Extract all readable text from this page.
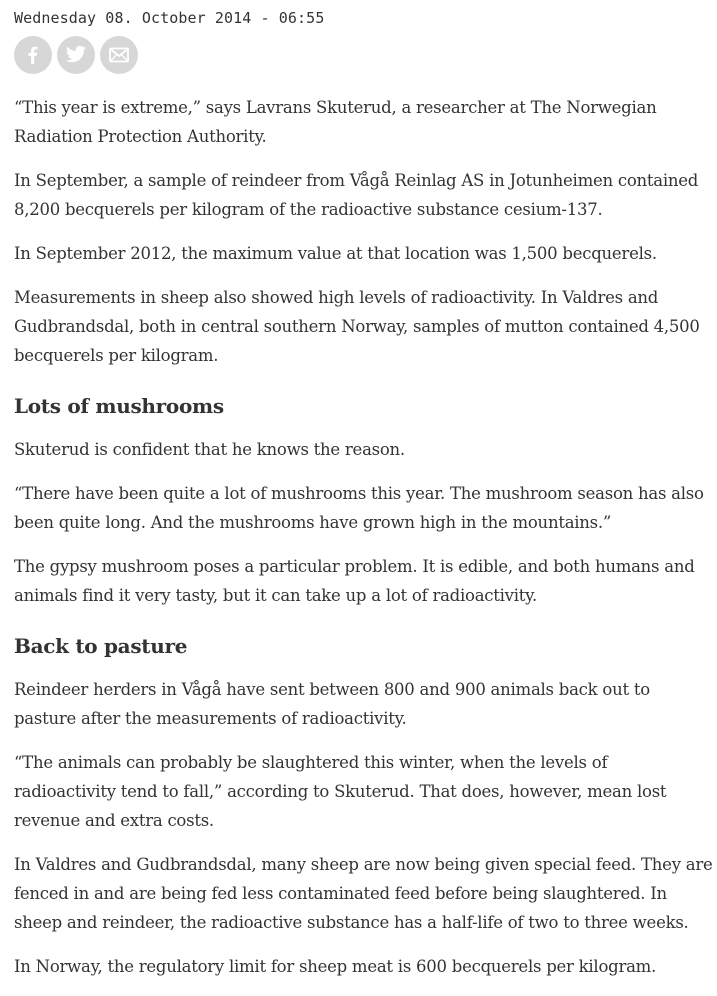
Wednesday 08. October 2014 - 06:55

“This year is extreme,” says Lavrans Skuterud, a researcher at The Norwegian Radiation Protection Authority.

In September, a sample of reindeer from Vågå Reinlag AS in Jotunheimen contained 8,200 becquerels per kilogram of the radioactive substance cesium-137.

In September 2012, the maximum value at that location was 1,500 becquerels.

Measurements in sheep also showed high levels of radioactivity. In Valdres and Gudbrandsdal, both in central southern Norway, samples of mutton contained 4,500 becquerels per kilogram.

Lots of mushrooms

Skuterud is confident that he knows the reason.

“There have been quite a lot of mushrooms this year. The mushroom season has also been quite long. And the mushrooms have grown high in the mountains.”

The gypsy mushroom poses a particular problem. It is edible, and both humans and animals find it very tasty, but it can take up a lot of radioactivity.

Back to pasture

Reindeer herders in Vågå have sent between 800 and 900 animals back out to pasture after the measurements of radioactivity.

“The animals can probably be slaughtered this winter, when the levels of radioactivity tend to fall,” according to Skuterud. That does, however, mean lost revenue and extra costs.

In Valdres and Gudbrandsdal, many sheep are now being given special feed. They are fenced in and are being fed less contaminated feed before being slaughtered. In sheep and reindeer, the radioactive substance has a half-life of two to three weeks.

In Norway, the regulatory limit for sheep meat is 600 becquerels per kilogram.
